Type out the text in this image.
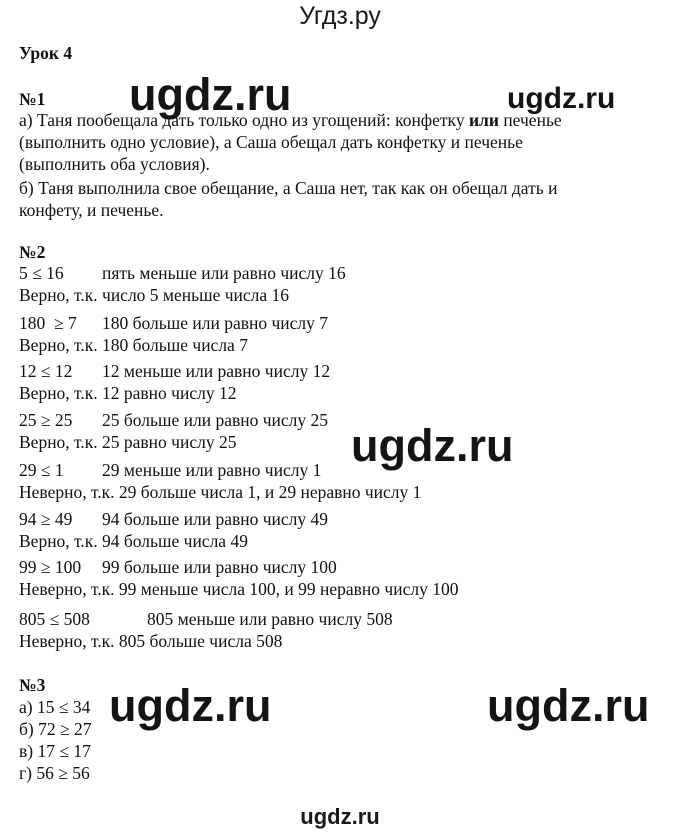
Угдз.ру
Урок 4
ugdz.ru	ugdz.ru
№1
а) Таня пообещала дать только одно из угощений: конфетку или печенье
(выполнить одно условие), а Саша обещал дать конфетку и печенье
(выполнить оба условия).
б) Таня выполнила свое обещание, а Саша нет, так как он обещал дать и
конфету, и печенье.
№2
5 ≤ 16 пять меньше или равно числу 16
Верно, т.к. число 5 меньше числа 16
180  ≥ 7 180 больше или равно числу 7
Верно, т.к. 180 больше числа 7
12 ≤ 12 12 меньше или равно числу 12
Верно, т.к. 12 равно числу 12
25 ≥ 25 25 больше или равно числу 25
Верно, т.к. 25 равно числу 25	ugdz.ru
29 ≤ 1 29 меньше или равно числу 1
Неверно, т.к. 29 больше числа 1, и 29 неравно числу 1
94 ≥ 49 94 больше или равно числу 49
Верно, т.к. 94 больше числа 49
99 ≥ 100 99 больше или равно числу 100
Неверно, т.к. 99 меньше числа 100, и 99 неравно числу 100
805 ≤ 508	805 меньше или равно числу 508
Неверно, т.к. 805 больше числа 508
№3 ugdz.ru	ugdz.ru
а) 15 ≤ 34
б) 72 ≥ 27
в) 17 ≤ 17
г) 56 ≥ 56
ugdz.ru
